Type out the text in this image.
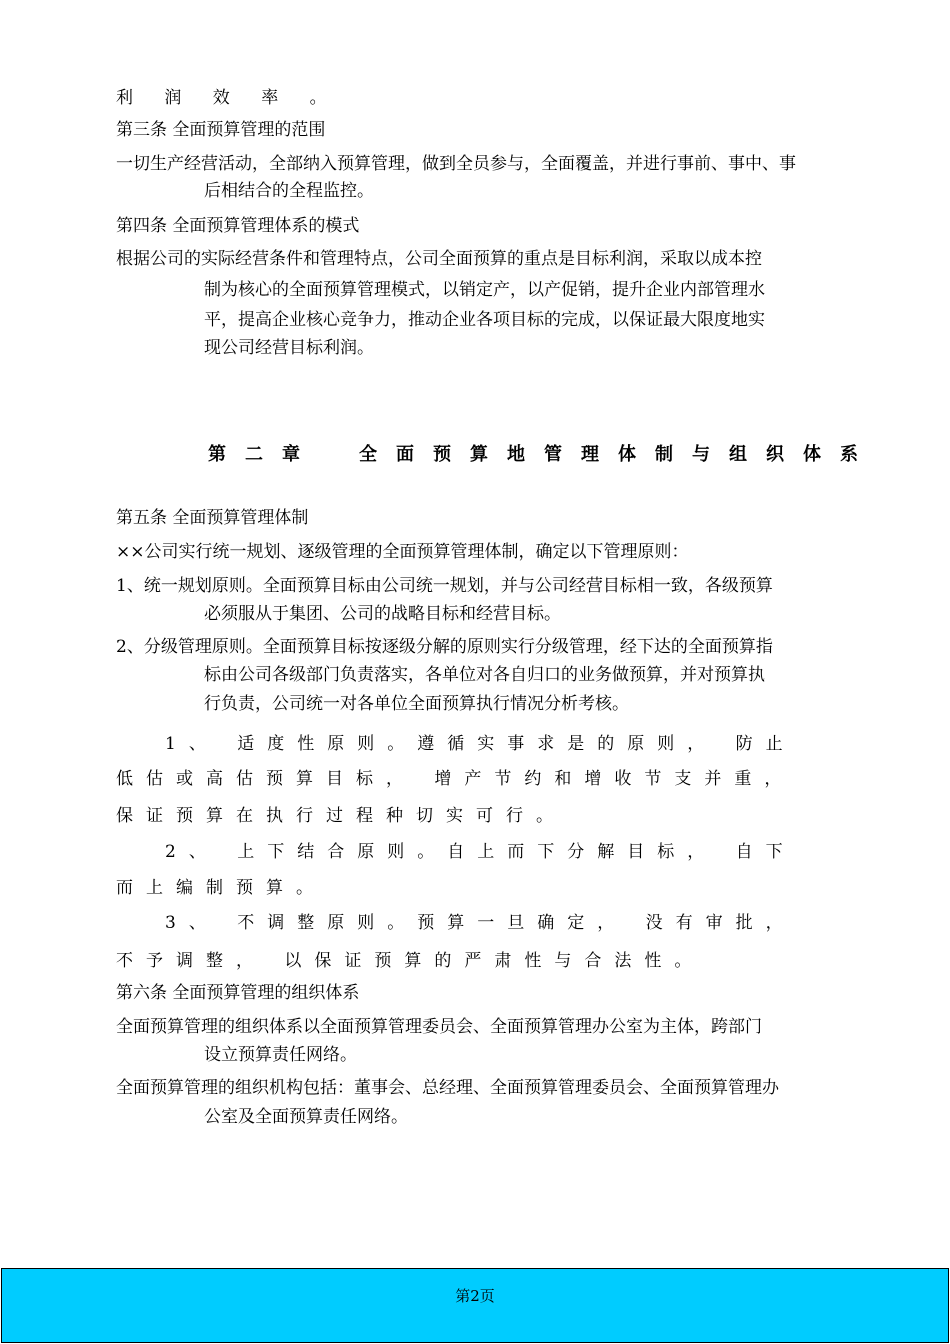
利 润 效 率 。
第三条 全面预算管理的范围
一切生产经营活动，全部纳入预算管理，做到全员参与，全面覆盖，并进行事前、事中、事
后相结合的全程监控。
第四条 全面预算管理体系的模式
根据公司的实际经营条件和管理特点，公司全面预算的重点是目标利润，采取以成本控
制为核心的全面预算管理模式，以销定产，以产促销，提升企业内部管理水
平，提高企业核心竞争力，推动企业各项目标的完成，以保证最大限度地实
现公司经营目标利润。
第二章 全面预算地管理体制与组织体系
第五条 全面预算管理体制
××公司实行统一规划、逐级管理的全面预算管理体制，确定以下管理原则：
1、统一规划原则。全面预算目标由公司统一规划，并与公司经营目标相一致，各级预算
必须服从于集团、公司的战略目标和经营目标。
2、分级管理原则。全面预算目标按逐级分解的原则实行分级管理，经下达的全面预算指
标由公司各级部门负责落实，各单位对各自归口的业务做预算，并对预算执
行负责，公司统一对各单位全面预算执行情况分析考核。
1、 适度性原则。遵循实事求是的原则， 防止
低估或高估预算目标， 增产节约和增收节支并重，
保证预算在执行过程种切实可行。
2、 上下结合原则。自上而下分解目标， 自下
而上编制预算。
3、 不调整原则。预算一旦确定， 没有审批，
不予调整， 以保证预算的严肃性与合法性。
第六条 全面预算管理的组织体系
全面预算管理的组织体系以全面预算管理委员会、全面预算管理办公室为主体，跨部门
设立预算责任网络。
全面预算管理的组织机构包括：董事会、总经理、全面预算管理委员会、全面预算管理办
公室及全面预算责任网络。
第2页
